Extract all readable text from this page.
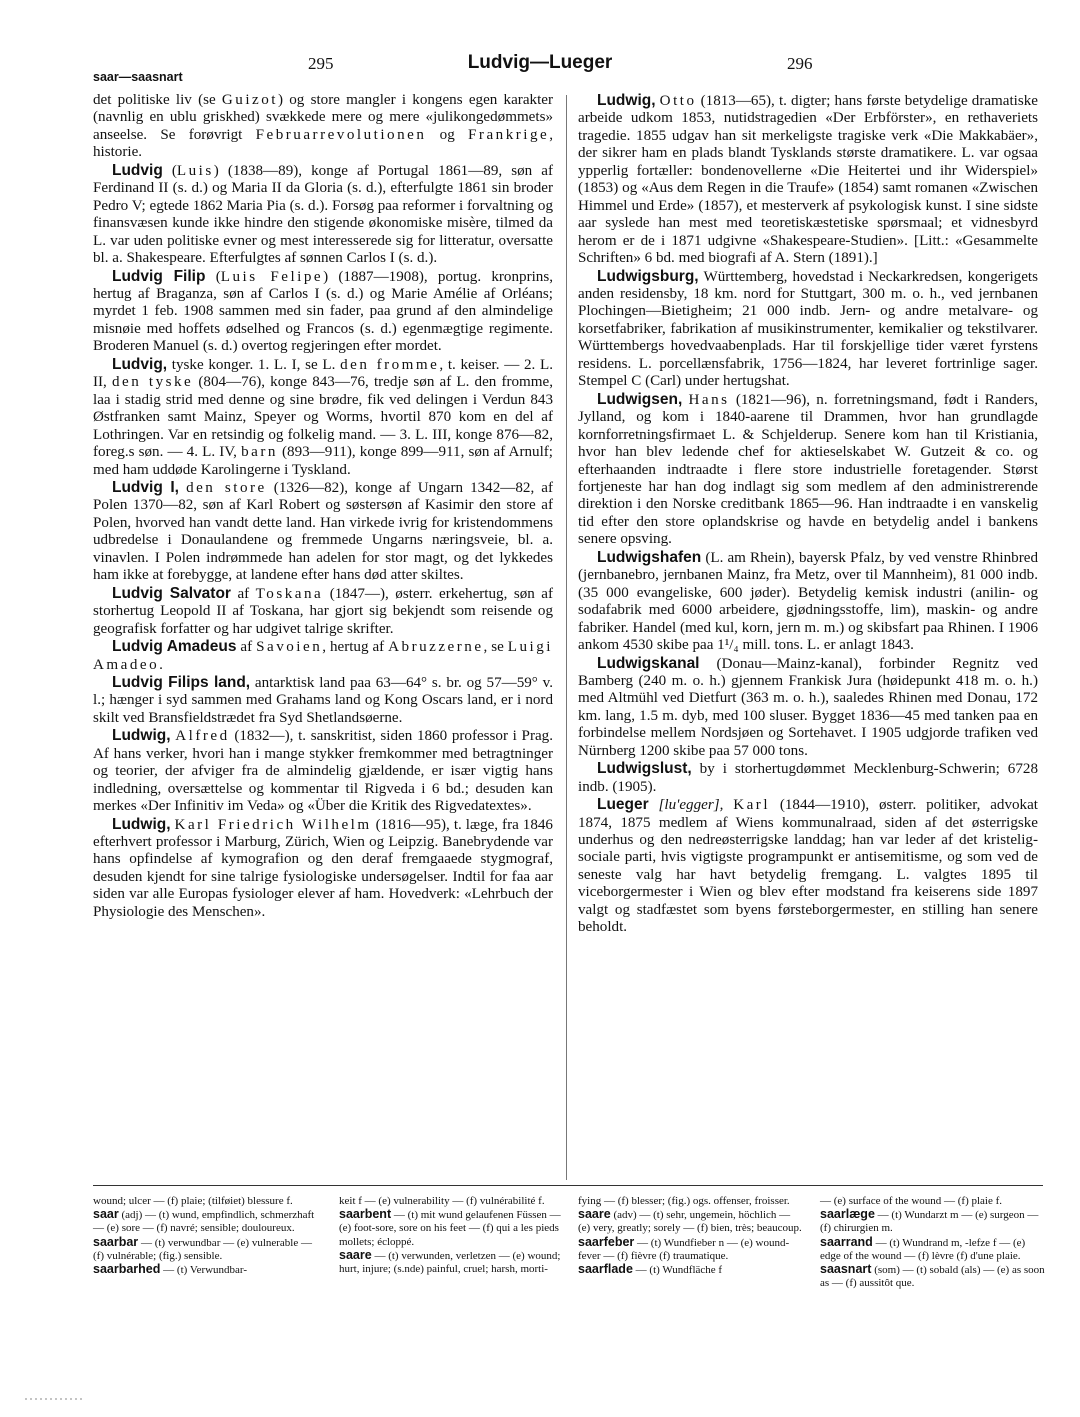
295	Ludvig—Lueger	296
saar—saasnart

det politiske liv (se Guizot) og store mangler i kongens egen karakter (navnlig en ublu griskhed) svækkede mere og mere «julikongedømmets» anseelse. Se forøvrigt Februarrevolutionen og Frankrige, historie.

Ludvig (Luis) (1838—89), konge af Portugal 1861—89, søn af Ferdinand II (s. d.) og Maria II da Gloria (s. d.), efterfulgte 1861 sin broder Pedro V; egtede 1862 Maria Pia (s. d.). Forsøg paa reformer i forvaltning og finansvæsen kunde ikke hindre den stigende økonomiske misère, tilmed da L. var uden politiske evner og mest interesserede sig for litteratur, oversatte bl. a. Shakespeare. Efterfulgtes af sønnen Carlos I (s. d.).

Ludvig Filip (Luis Felipe) (1887—1908), portug. kronprins, hertug af Braganza, søn af Carlos I (s. d.) og Marie Amélie af Orléans; myrdet 1 feb. 1908 sammen med sin fader, paa grund af den almindelige misnøie med hoffets ødselhed og Francos (s. d.) egenmægtige regimente. Broderen Manuel (s. d.) overtog regjeringen efter mordet.

Ludvig, tyske konger. 1. L. I, se L. den fromme, t. keiser. — 2. L. II, den tyske (804—76), konge 843—76, tredje søn af L. den fromme, laa i stadig strid med denne og sine brødre, fik ved delingen i Verdun 843 Østfranken samt Mainz, Speyer og Worms, hvortil 870 kom en del af Lothringen. Var en retsindig og folkelig mand. — 3. L. III, konge 876—82, foreg.s søn. — 4. L. IV, barn (893—911), konge 899—911, søn af Arnulf; med ham uddøde Karolingerne i Tyskland.

Ludvig I, den store (1326—82), konge af Ungarn 1342—82, af Polen 1370—82, søn af Karl Robert og søstersøn af Kasimir den store af Polen, hvorved han vandt dette land. Han virkede ivrig for kristendommens udbredelse i Donaulandene og fremmede Ungarns næringsveie, bl. a. vinavlen. I Polen indrømmede han adelen for stor magt, og det lykkedes ham ikke at forebygge, at landene efter hans død atter skiltes.

Ludvig Salvator af Toskana (1847—), østerr. erkehertug, søn af storhertug Leopold II af Toskana, har gjort sig bekjendt som reisende og geografisk forfatter og har udgivet talrige skrifter.

Ludvig Amadeus af Savoien, hertug af Abruzzerne, se Luigi Amadeo.

Ludvig Filips land, antarktisk land paa 63—64° s. br. og 57—59° v. l.; hænger i syd sammen med Grahams land og Kong Oscars land, er i nord skilt ved Bransfieldstrædet fra Syd Shetlandsøerne.

Ludwig, Alfred (1832—), t. sanskritist, siden 1860 professor i Prag. Af hans verker, hvori han i mange stykker fremkommer med betragtninger og teorier, der afviger fra de almindelig gjældende, er især vigtig hans indledning, oversættelse og kommentar til Rigveda i 6 bd.; desuden kan merkes «Der Infinitiv im Veda» og «Über die Kritik des Rigvedatextes».

Ludwig, Karl Friedrich Wilhelm (1816—95), t. læge, fra 1846 efterhvert professor i Marburg, Zürich, Wien og Leipzig. Banebrydende var hans opfindelse af kymografion og den deraf fremgaaede stygmograf, desuden kjendt for sine talrige fysiologiske undersøgelser. Indtil for faa aar siden var alle Europas fysiologer elever af ham. Hovedverk: «Lehrbuch der Physiologie des Menschen».

Ludwig, Otto (1813—65), t. digter; hans første betydelige dramatiske arbeide udkom 1853, nutidstragedien «Der Erbförster», en rethaveriets tragedie. 1855 udgav han sit merkeligste tragiske verk «Die Makkabäer», der sikrer ham en plads blandt Tysklands største dramatikere. L. var ogsaa ypperlig fortæller: bondenovellerne «Die Heitertei und ihr Widerspiel» (1853) og «Aus dem Regen in die Traufe» (1854) samt romanen «Zwischen Himmel und Erde» (1857), et mesterverk af psykologisk kunst. I sine sidste aar syslede han mest med teoretiskæstetiske spørsmaal; et vidnesbyrd herom er de i 1871 udgivne «Shakespeare-Studien». [Litt.: «Gesammelte Schriften» 6 bd. med biografi af A. Stern (1891).]

Ludwigsburg, Württemberg, hovedstad i Neckarkredsen, kongerigets anden residensby, 18 km. nord for Stuttgart, 300 m. o. h., ved jernbanen Plochingen—Bietigheim; 21 000 indb. Jern- og andre metalvare- og korsetfabriker, fabrikation af musikinstrumenter, kemikalier og tekstilvarer. Württembergs hovedvaabenplads. Har til forskjellige tider været fyrstens residens. L. porcellænsfabrik, 1756—1824, har leveret fortrinlige sager. Stempel C (Carl) under hertugshat.

Ludwigsen, Hans (1821—96), n. forretningsmand, født i Randers, Jylland, og kom i 1840-aarene til Drammen, hvor han grundlagde kornforretningsfirmaet L. & Schjelderup. Senere kom han til Kristiania, hvor han blev ledende chef for aktieselskabet W. Gutzeit & co. og efterhaanden indtraadte i flere store industrielle foretagender. Størst fortjeneste har han dog indlagt sig som medlem af den administrerende direktion i den Norske creditbank 1865—96. Han indtraadte i en vanskelig tid efter den store oplandskrise og havde en betydelig andel i bankens senere opsving.

Ludwigshafen (L. am Rhein), bayersk Pfalz, by ved venstre Rhinbred (jernbanebro, jernbanen Mainz, fra Metz, over til Mannheim), 81 000 indb. (35 000 evangeliske, 600 jøder). Betydelig kemisk industri (anilin- og sodafabrik med 6000 arbeidere, gjødningsstoffe, lim), maskin- og andre fabriker. Handel (med kul, korn, jern m. m.) og skibsfart paa Rhinen. I 1906 ankom 4530 skibe paa 1¹/₄ mill. tons. L. er anlagt 1843.

Ludwigskanal (Donau—Mainz-kanal), forbinder Regnitz ved Bamberg (240 m. o. h.) gjennem Frankisk Jura (høidepunkt 418 m. o. h.) med Altmühl ved Dietfurt (363 m. o. h.), saaledes Rhinen med Donau, 172 km. lang, 1.5 m. dyb, med 100 sluser. Bygget 1836—45 med tanken paa en forbindelse mellem Nordsjøen og Sortehavet. I 1905 udgjorde trafiken ved Nürnberg 1200 skibe paa 57 000 tons.

Ludwigslust, by i storhertugdømmet Mecklenburg-Schwerin; 6728 indb. (1905).

Lueger [lu'egger], Karl (1844—1910), østerr. politiker, advokat 1874, 1875 medlem af Wiens kommunalraad, siden af det østerrigske underhus og den nedreøsterrigske landdag; han var leder af det kristelig-sociale parti, hvis vigtigste programpunkt er antisemitisme, og som ved de seneste valg har havt betydelig fremgang. L. valgtes 1895 til viceborgermester i Wien og blev efter modstand fra keiserens side 1897 valgt og stadfæstet som byens førsteborgermester, en stilling han senere beholdt.

wound; ulcer — (f) plaie; (tilføiet) blessure f.

saar (adj) — (t) wund, empfindlich, schmerzhaft — (e) sore — (f) navré; sensible; douloureux.

saarbar — (t) verwundbar — (e) vulnerable — (f) vulnérable; (fig.) sensible.

saarbarhed — (t) Verwundbar-

keit f — (e) vulnerability — (f) vulnérabilité f.

saarbent — (t) mit wund gelaufenen Füssen — (e) foot-sore, sore on his feet — (f) qui a les pieds mollets; écloppé.

saare — (t) verwunden, verletzen — (e) wound; hurt, injure; (s.nde) painful, cruel; harsh, morti-

fying — (f) blesser; (fig.) ogs. offenser, froisser.

saare (adv) — (t) sehr, ungemein, höchlich — (e) very, greatly; sorely — (f) bien, très; beaucoup.

saarfeber — (t) Wundfieber n — (e) wound-fever — (f) fièvre (f) traumatique.

saarflade — (t) Wundfläche f

— (e) surface of the wound — (f) plaie f.

saarlæge — (t) Wundarzt m — (e) surgeon — (f) chirurgien m.

saarrand — (t) Wundrand m, -lefze f — (e) edge of the wound — (f) lèvre (f) d'une plaie.

saasnart (som) — (t) sobald (als) — (e) as soon as — (f) aussitôt que.
